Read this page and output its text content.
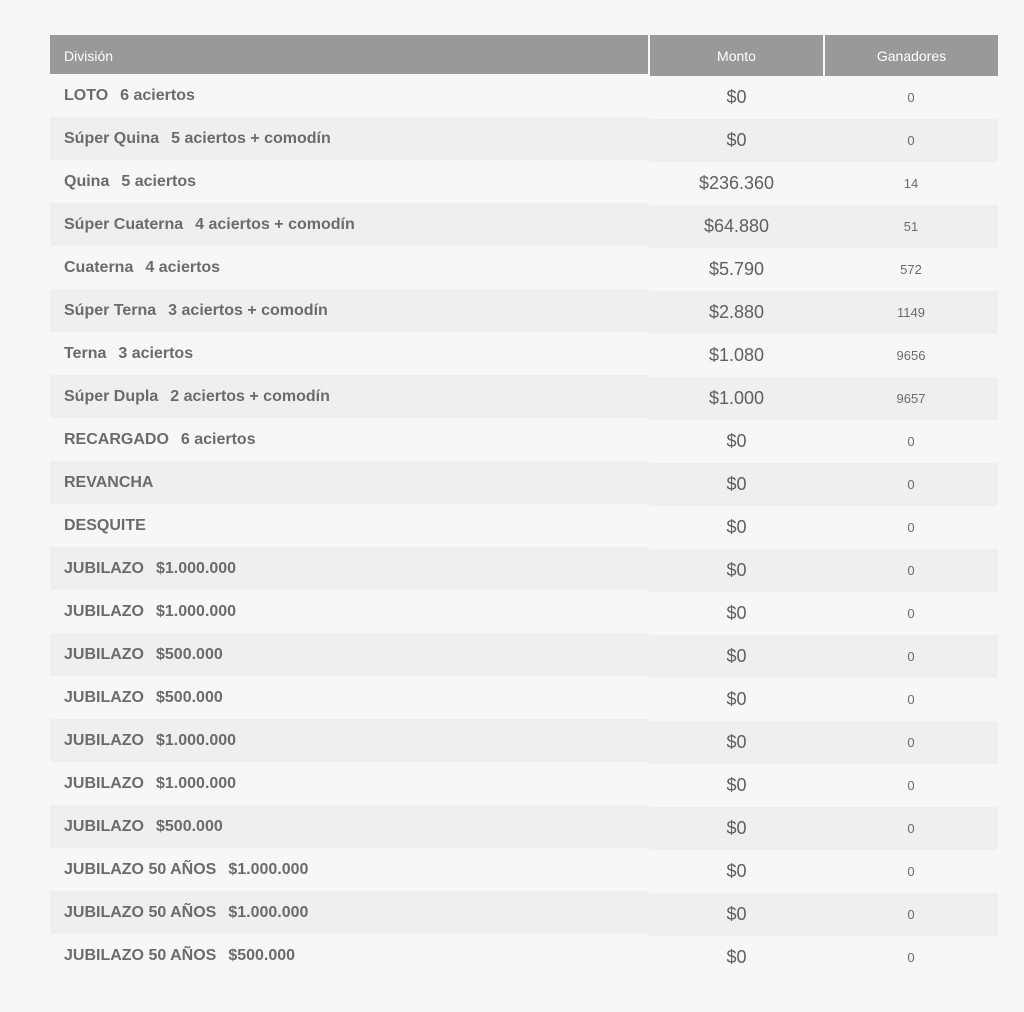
División	Monto	Ganadores
LOTO 6 aciertos	$0	0
Súper Quina 5 aciertos + comodín	$0	0
Quina 5 aciertos	$236.360	14
Súper Cuaterna 4 aciertos + comodín	$64.880	51
Cuaterna 4 aciertos	$5.790	572
Súper Terna 3 aciertos + comodín	$2.880	1149
Terna 3 aciertos	$1.080	9656
Súper Dupla 2 aciertos + comodín	$1.000	9657
RECARGADO 6 aciertos	$0	0
REVANCHA	$0	0
DESQUITE	$0	0
JUBILAZO $1.000.000	$0	0
JUBILAZO $1.000.000	$0	0
JUBILAZO $500.000	$0	0
JUBILAZO $500.000	$0	0
JUBILAZO $1.000.000	$0	0
JUBILAZO $1.000.000	$0	0
JUBILAZO $500.000	$0	0
JUBILAZO 50 AÑOS $1.000.000	$0	0
JUBILAZO 50 AÑOS $1.000.000	$0	0
JUBILAZO 50 AÑOS $500.000	$0	0
